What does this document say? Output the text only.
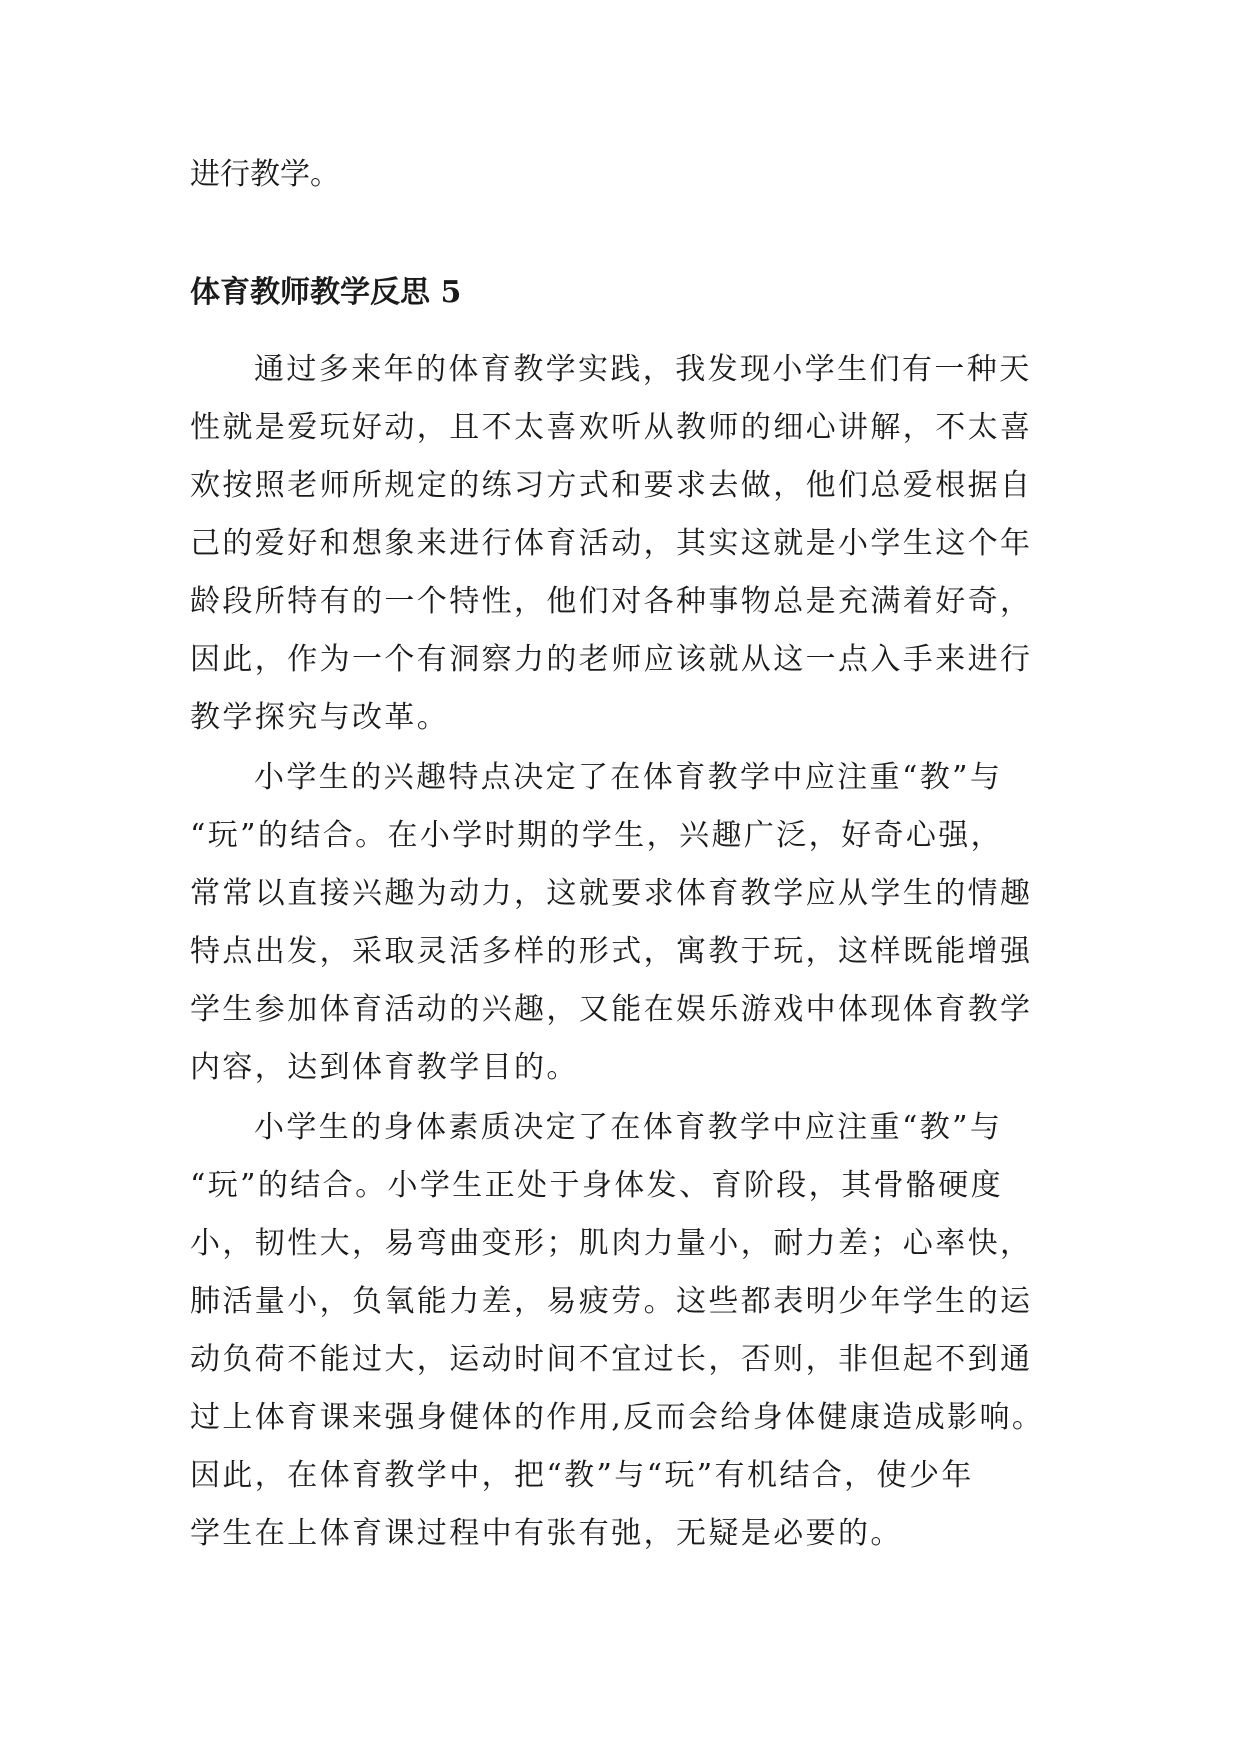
进行教学。

体育教师教学反思 5
通过多来年的体育教学实践，我发现小学生们有一种天
性就是爱玩好动，且不太喜欢听从教师的细心讲解，不太喜
欢按照老师所规定的练习方式和要求去做，他们总爱根据自
己的爱好和想象来进行体育活动，其实这就是小学生这个年
龄段所特有的一个特性，他们对各种事物总是充满着好奇，
因此，作为一个有洞察力的老师应该就从这一点入手来进行
教学探究与改革。
小学生的兴趣特点决定了在体育教学中应注重“教”与
“玩”的结合。在小学时期的学生，兴趣广泛，好奇心强，
常常以直接兴趣为动力，这就要求体育教学应从学生的情趣
特点出发，采取灵活多样的形式，寓教于玩，这样既能增强
学生参加体育活动的兴趣，又能在娱乐游戏中体现体育教学
内容，达到体育教学目的。
小学生的身体素质决定了在体育教学中应注重“教”与
“玩”的结合。小学生正处于身体发、育阶段，其骨骼硬度
小，韧性大，易弯曲变形；肌肉力量小，耐力差；心率快，
肺活量小，负氧能力差，易疲劳。这些都表明少年学生的运
动负荷不能过大，运动时间不宜过长，否则，非但起不到通
过上体育课来强身健体的作用,反而会给身体健康造成影响。
因此，在体育教学中，把“教”与“玩”有机结合，使少年
学生在上体育课过程中有张有弛，无疑是必要的。
